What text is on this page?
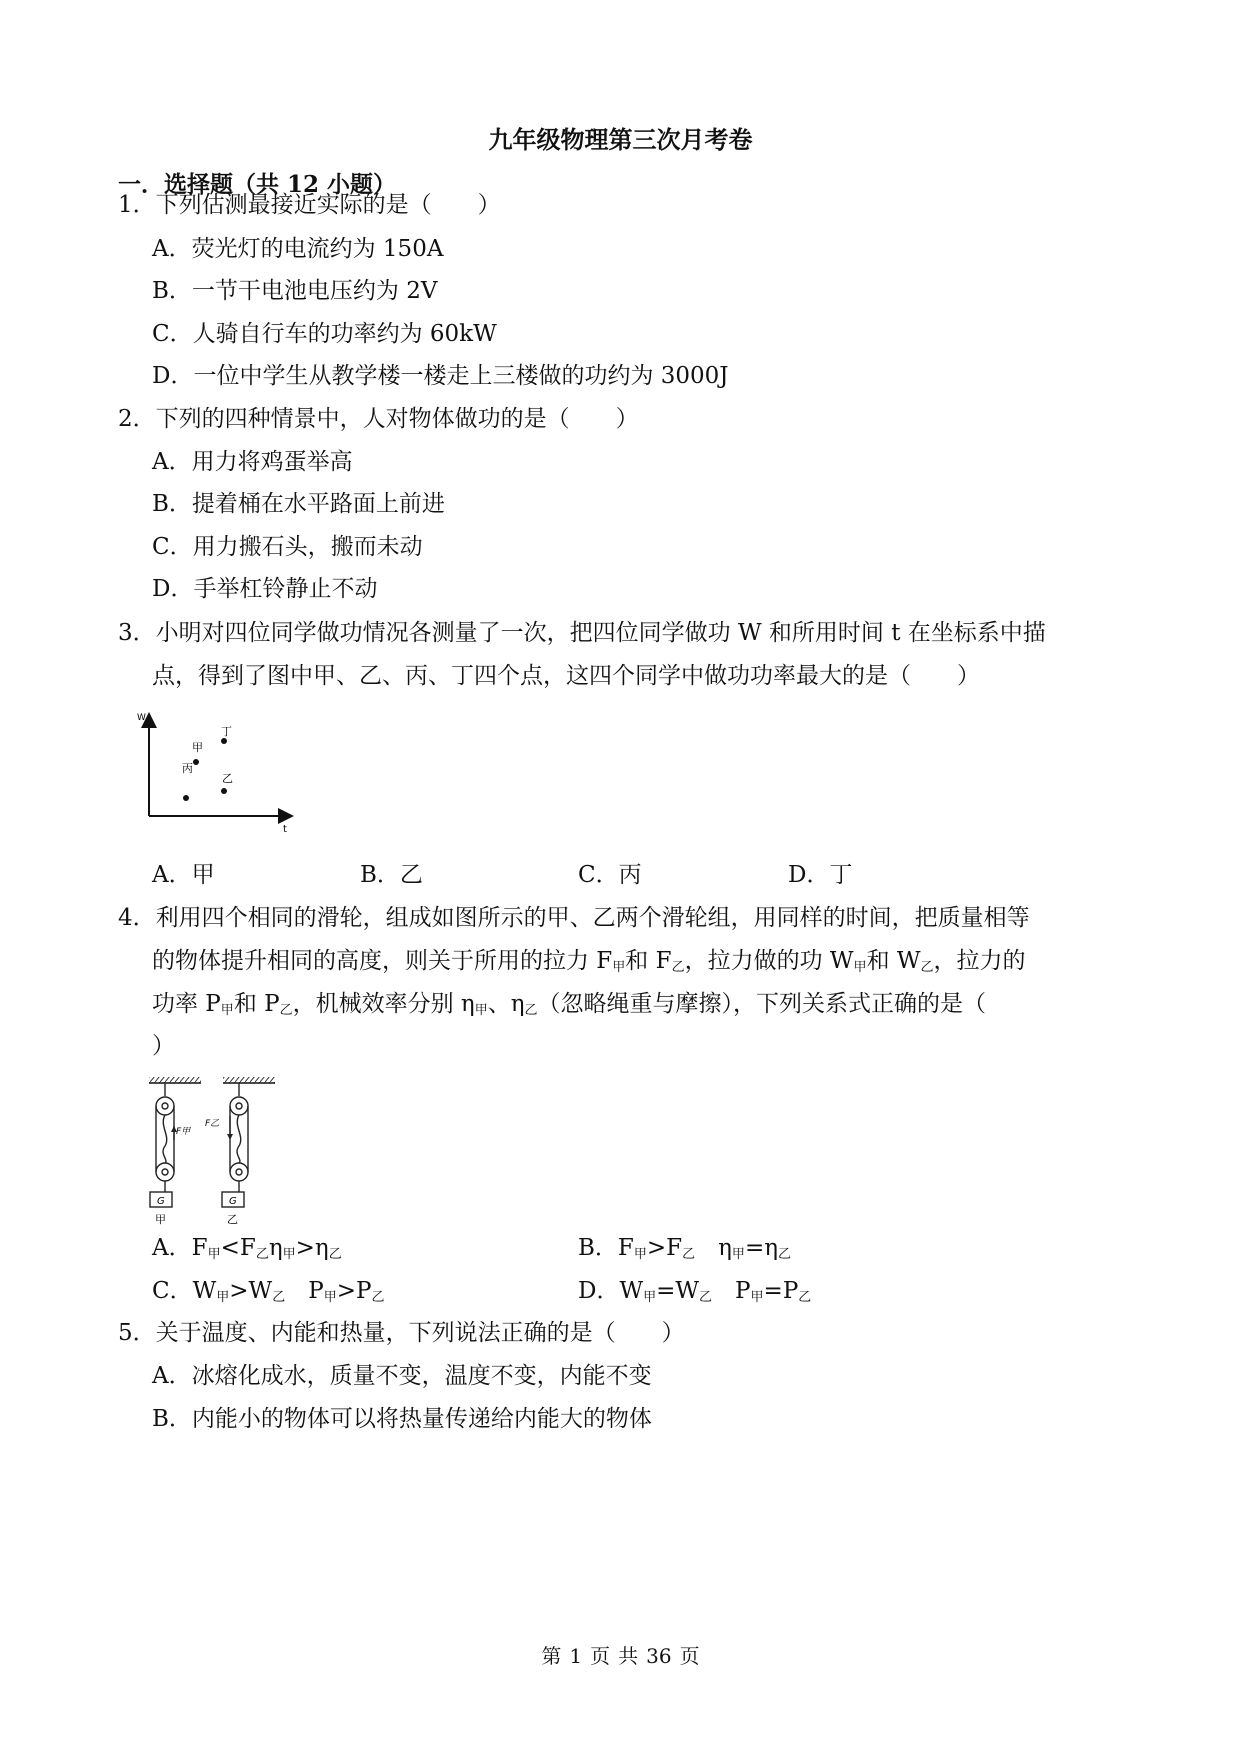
九年级物理第三次月考卷
一．选择题（共 12 小题）
1．下列估测最接近实际的是（　　）
A．荧光灯的电流约为 150A
B．一节干电池电压约为 2V
C．人骑自行车的功率约为 60kW
D．一位中学生从教学楼一楼走上三楼做的功约为 3000J
2．下列的四种情景中，人对物体做功的是（　　）
A．用力将鸡蛋举高
B．提着桶在水平路面上前进
C．用力搬石头，搬而未动
D．手举杠铃静止不动
3．小明对四位同学做功情况各测量了一次，把四位同学做功 W 和所用时间 t 在坐标系中描
点，得到了图中甲、乙、丙、丁四个点，这四个同学中做功功率最大的是（　　）
W
t
甲
乙
丙
丁
A．甲	B．乙	C．丙	D．丁
4．利用四个相同的滑轮，组成如图所示的甲、乙两个滑轮组，用同样的时间，把质量相等
的物体提升相同的高度，则关于所用的拉力 $F_甲$和 $F_乙$，拉力做的功 $W_甲$和 $W_乙$，拉力的
功率 $P_甲$和 $P_乙$，机械效率分别 $\eta_甲$、$\eta_乙$（忽略绳重与摩擦），下列关系式正确的是（
）
F甲
F乙
G	G
甲	乙
A．$F_甲<F_乙\eta_甲>\eta_乙$	B．$F_甲>F_乙$　$\eta_甲=\eta_乙$
C．$W_甲>W_乙$　$P_甲>P_乙$	D．$W_甲=W_乙$　$P_甲=P_乙$
5．关于温度、内能和热量，下列说法正确的是（　　）
A．冰熔化成水，质量不变，温度不变，内能不变
B．内能小的物体可以将热量传递给内能大的物体
第 1 页 共 36 页
